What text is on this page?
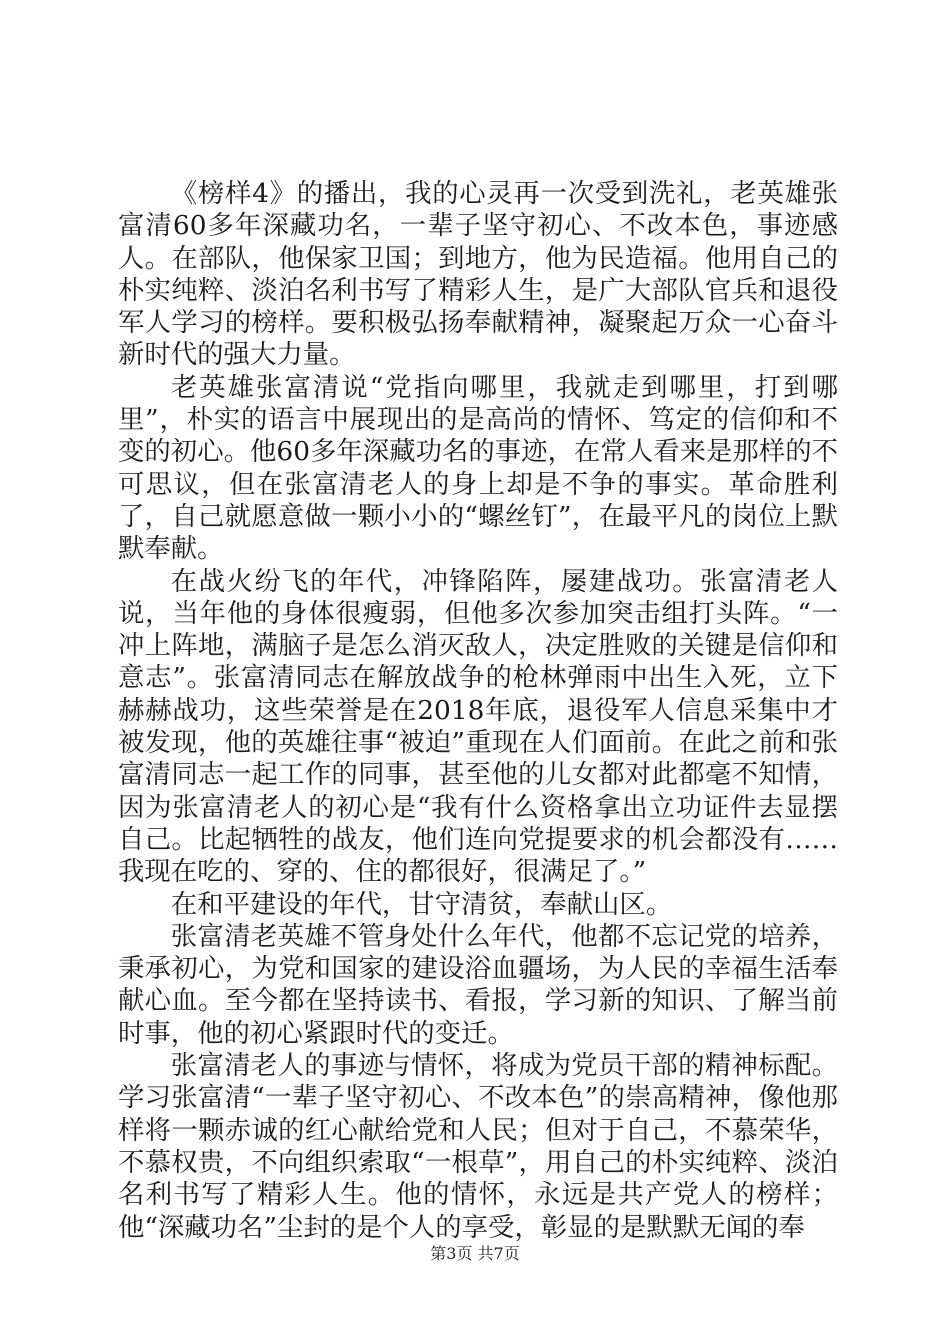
《榜样4》的播出，我的心灵再一次受到洗礼，老英雄张富清60多年深藏功名，一辈子坚守初心、不改本色，事迹感人。在部队，他保家卫国；到地方，他为民造福。他用自己的朴实纯粹、淡泊名利书写了精彩人生，是广大部队官兵和退役军人学习的榜样。要积极弘扬奉献精神，凝聚起万众一心奋斗新时代的强大力量。

老英雄张富清说“党指向哪里，我就走到哪里，打到哪里”，朴实的语言中展现出的是高尚的情怀、笃定的信仰和不变的初心。他60多年深藏功名的事迹，在常人看来是那样的不可思议，但在张富清老人的身上却是不争的事实。革命胜利了，自己就愿意做一颗小小的“螺丝钉”，在最平凡的岗位上默默奉献。

在战火纷飞的年代，冲锋陷阵，屡建战功。张富清老人说，当年他的身体很瘦弱，但他多次参加突击组打头阵。“一冲上阵地，满脑子是怎么消灭敌人，决定胜败的关键是信仰和意志”。张富清同志在解放战争的枪林弹雨中出生入死，立下赫赫战功，这些荣誉是在2018年底，退役军人信息采集中才被发现，他的英雄往事“被迫”重现在人们面前。在此之前和张富清同志一起工作的同事，甚至他的儿女都对此都毫不知情，因为张富清老人的初心是“我有什么资格拿出立功证件去显摆自己。比起牺牲的战友，他们连向党提要求的机会都没有……我现在吃的、穿的、住的都很好，很满足了。”

在和平建设的年代，甘守清贫，奉献山区。

张富清老英雄不管身处什么年代，他都不忘记党的培养，秉承初心，为党和国家的建设浴血疆场，为人民的幸福生活奉献心血。至今都在坚持读书、看报，学习新的知识、了解当前时事，他的初心紧跟时代的变迁。

张富清老人的事迹与情怀，将成为党员干部的精神标配。学习张富清“一辈子坚守初心、不改本色”的崇高精神，像他那样将一颗赤诚的红心献给党和人民；但对于自己，不慕荣华，不慕权贵，不向组织索取“一根草”，用自己的朴实纯粹、淡泊名利书写了精彩人生。他的情怀，永远是共产党人的榜样；他“深藏功名”尘封的是个人的享受，彰显的是默默无闻的奉

第3页 共7页
